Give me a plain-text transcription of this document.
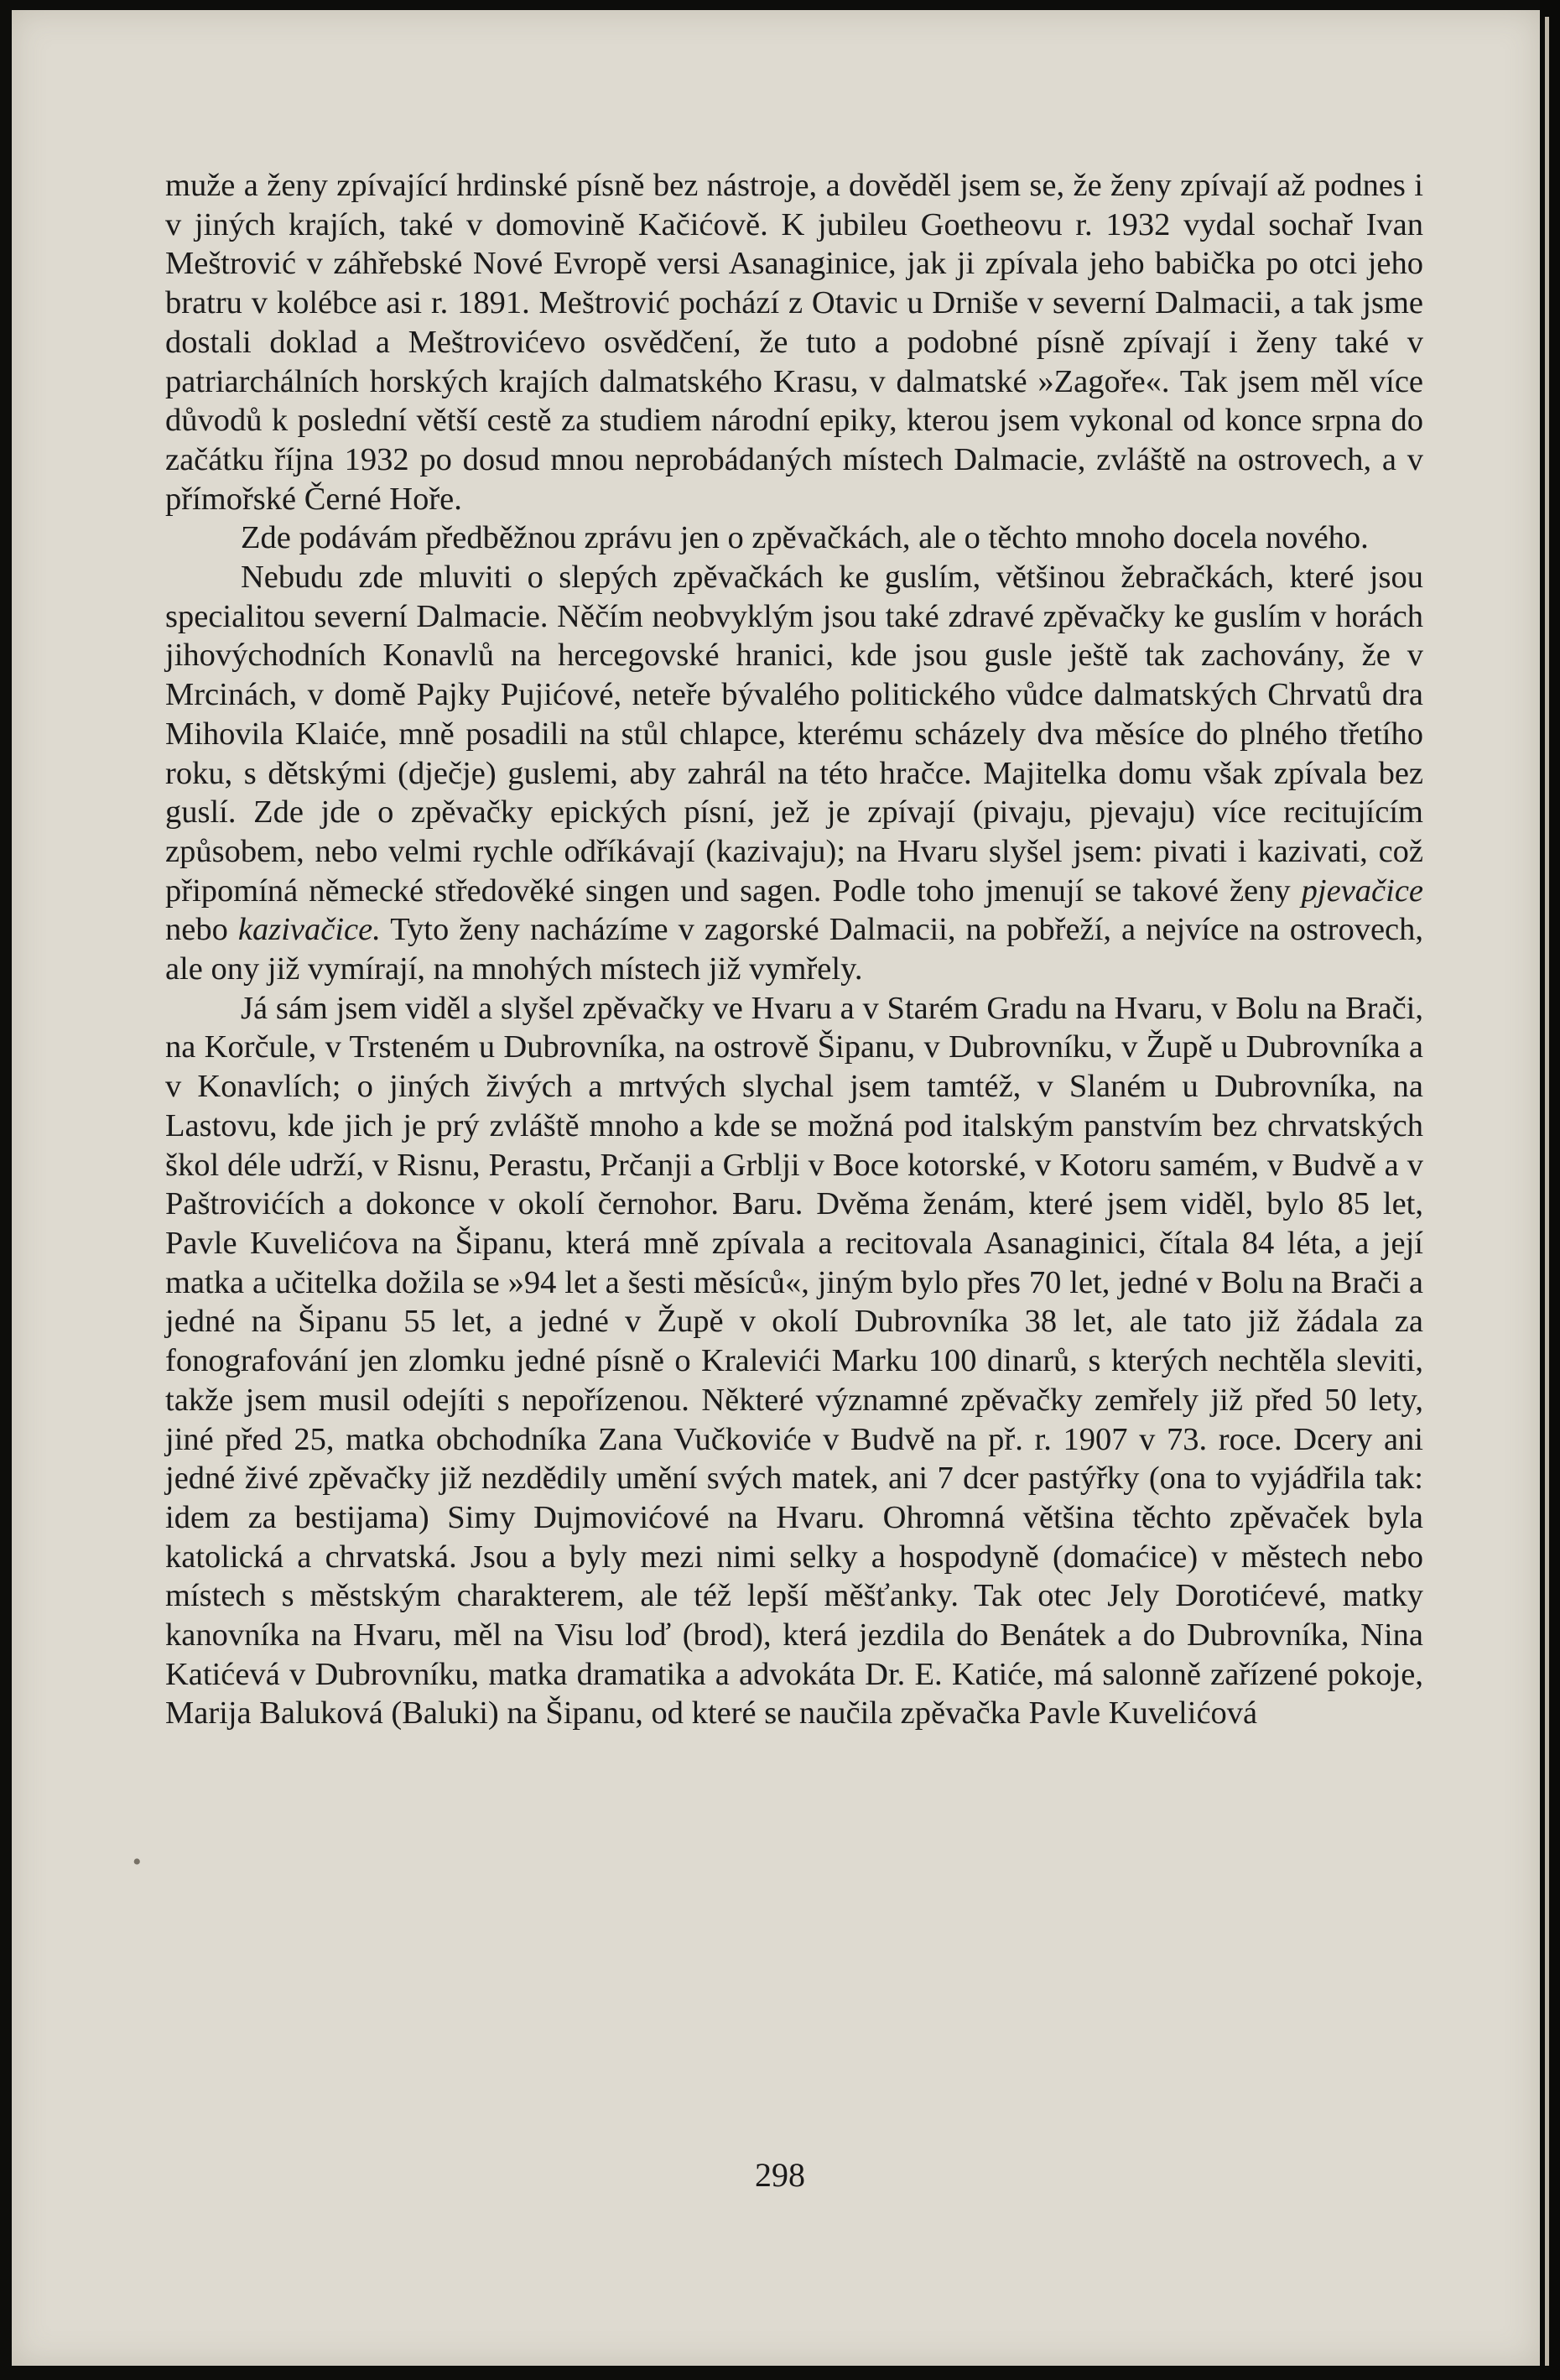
muže a ženy zpívající hrdinské písně bez nástroje, a dověděl jsem se, že ženy zpívají až podnes i v jiných krajích, také v domovině Kačićově. K jubileu Goetheovu r. 1932 vydal sochař Ivan Meštrović v záhřebské Nové Evropě versi Asanaginice, jak ji zpívala jeho babička po otci jeho bratru v kolébce asi r. 1891. Meštrović pochází z Otavic u Drniše v severní Dalmacii, a tak jsme dostali doklad a Meštrovićevo osvědčení, že tuto a podobné písně zpívají i ženy také v patriarchálních horských krajích dalmatského Krasu, v dalmatské »Zagoře«. Tak jsem měl více důvodů k poslední větší cestě za studiem národní epiky, kterou jsem vykonal od konce srpna do začátku října 1932 po dosud mnou neprobádaných místech Dalmacie, zvláště na ostrovech, a v přímořské Černé Hoře.

Zde podávám předběžnou zprávu jen o zpěvačkách, ale o těchto mnoho docela nového.

Nebudu zde mluviti o slepých zpěvačkách ke guslím, většinou žebračkách, které jsou specialitou severní Dalmacie. Něčím neobvyklým jsou také zdravé zpěvačky ke guslím v horách jihovýchodních Konavlů na hercegovské hranici, kde jsou gusle ještě tak zachovány, že v Mrcinách, v domě Pajky Pujićové, neteře bývalého politického vůdce dalmatských Chrvatů dra Mihovila Klaiće, mně posadili na stůl chlapce, kterému scházely dva měsíce do plného třetího roku, s dětskými (dječje) guslemi, aby zahrál na této hračce. Majitelka domu však zpívala bez guslí. Zde jde o zpěvačky epických písní, jež je zpívají (pivaju, pjevaju) více recitujícím způsobem, nebo velmi rychle odříkávají (kazivaju); na Hvaru slyšel jsem: pivati i kazivati, což připomíná německé středověké singen und sagen. Podle toho jmenují se takové ženy pjevačice nebo kazivačice. Tyto ženy nacházíme v zagorské Dalmacii, na pobřeží, a nejvíce na ostrovech, ale ony již vymírají, na mnohých místech již vymřely.

Já sám jsem viděl a slyšel zpěvačky ve Hvaru a v Starém Gradu na Hvaru, v Bolu na Brači, na Korčule, v Trsteném u Dubrovníka, na ostrově Šipanu, v Dubrovníku, v Župě u Dubrovníka a v Konavlích; o jiných živých a mrtvých slychal jsem tamtéž, v Slaném u Dubrovníka, na Lastovu, kde jich je prý zvláště mnoho a kde se možná pod italským panstvím bez chrvatských škol déle udrží, v Risnu, Perastu, Prčanji a Grblji v Boce kotorské, v Kotoru samém, v Budvě a v Paštrovićích a dokonce v okolí černohor. Baru. Dvěma ženám, které jsem viděl, bylo 85 let, Pavle Kuvelićova na Šipanu, která mně zpívala a recitovala Asanaginici, čítala 84 léta, a její matka a učitelka dožila se »94 let a šesti měsíců«, jiným bylo přes 70 let, jedné v Bolu na Brači a jedné na Šipanu 55 let, a jedné v Župě v okolí Dubrovníka 38 let, ale tato již žádala za fonografování jen zlomku jedné písně o Kralevići Marku 100 dinarů, s kterých nechtěla sleviti, takže jsem musil odejíti s nepořízenou. Některé významné zpěvačky zemřely již před 50 lety, jiné před 25, matka obchodníka Zana Vučkoviće v Budvě na př. r. 1907 v 73. roce. Dcery ani jedné živé zpěvačky již nezdědily umění svých matek, ani 7 dcer pastýřky (ona to vyjádřila tak: idem za bestijama) Simy Dujmovićové na Hvaru. Ohromná většina těchto zpěvaček byla katolická a chrvatská. Jsou a byly mezi nimi selky a hospodyně (domaćice) v městech nebo místech s městským charakterem, ale též lepší měšťanky. Tak otec Jely Dorotićevé, matky kanovníka na Hvaru, měl na Visu loď (brod), která jezdila do Benátek a do Dubrovníka, Nina Katićevá v Dubrovníku, matka dramatika a advokáta Dr. E. Katiće, má salonně zařízené pokoje, Marija Baluková (Baluki) na Šipanu, od které se naučila zpěvačka Pavle Kuvelićová

•
298
